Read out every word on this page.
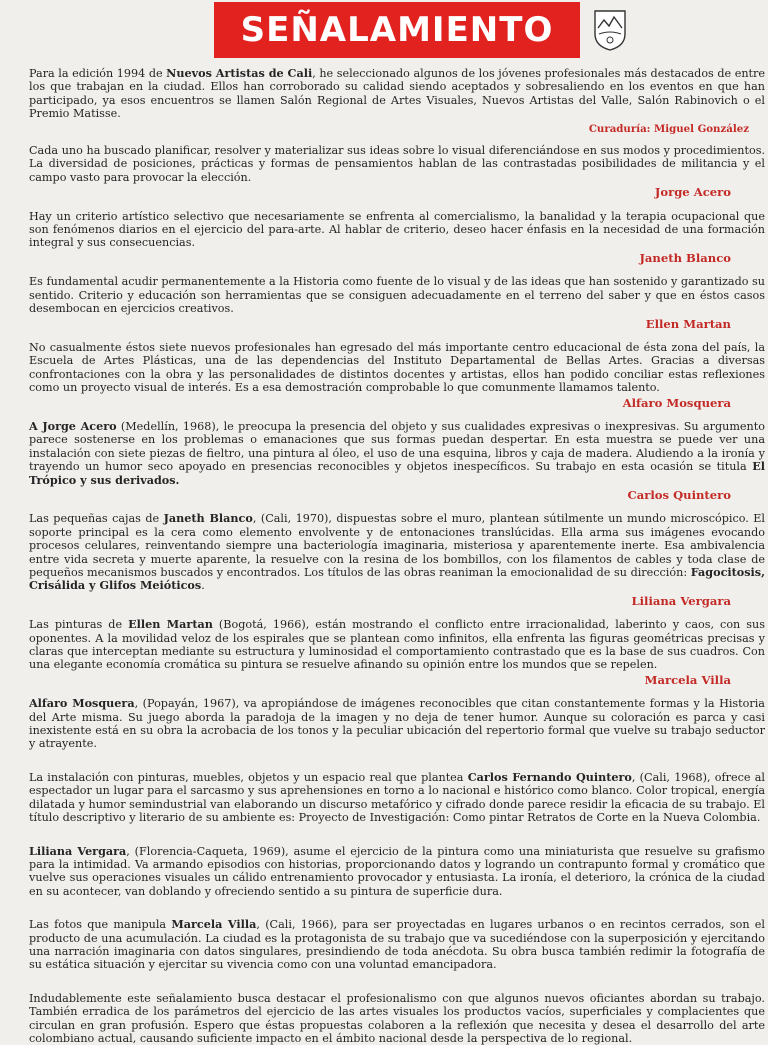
SEÑALAMIENTO

Para la edición 1994 de Nuevos Artistas de Cali, he seleccionado algunos de los jóvenes profesionales más destacados de entre los que trabajan en la ciudad. Ellos han corroborado su calidad siendo aceptados y sobresaliendo en los eventos en que han participado, ya esos encuentros se llamen Salón Regional de Artes Visuales, Nuevos Artistas del Valle, Salón Rabinovich o el Premio Matisse.

Curaduría: Miguel González

Cada uno ha buscado planificar, resolver y materializar sus ideas sobre lo visual diferenciándose en sus modos y procedimientos. La diversidad de posiciones, prácticas y formas de pensamientos hablan de las contrastadas posibilidades de militancia y el campo vasto para provocar la elección.

Jorge Acero

Hay un criterio artístico selectivo que necesariamente se enfrenta al comercialismo, la banalidad y la terapia ocupacional que son fenómenos diarios en el ejercicio del para-arte. Al hablar de criterio, deseo hacer énfasis en la necesidad de una formación integral y sus consecuencias.

Janeth Blanco

Es fundamental acudir permanentemente a la Historia como fuente de lo visual y de las ideas que han sostenido y garantizado su sentido. Criterio y educación son herramientas que se consiguen adecuadamente en el terreno del saber y que en éstos casos desembocan en ejercicios creativos.

Ellen Martan

No casualmente éstos siete nuevos profesionales han egresado del más importante centro educacional de ésta zona del país, la Escuela de Artes Plásticas, una de las dependencias del Instituto Departamental de Bellas Artes. Gracias a diversas confrontaciones con la obra y las personalidades de distintos docentes y artistas, ellos han podido conciliar estas reflexiones como un proyecto visual de interés. Es a esa demostración comprobable lo que comunmente llamamos talento.

Alfaro Mosquera

A Jorge Acero (Medellín, 1968), le preocupa la presencia del objeto y sus cualidades expresivas o inexpresivas. Su argumento parece sostenerse en los problemas o emanaciones que sus formas puedan despertar. En esta muestra se puede ver una instalación con siete piezas de fieltro, una pintura al óleo, el uso de una esquina, libros y caja de madera. Aludiendo a la ironía y trayendo un humor seco apoyado en presencias reconocibles y objetos inespecíficos. Su trabajo en esta ocasión se titula El Trópico y sus derivados.

Carlos Quintero

Las pequeñas cajas de Janeth Blanco, (Cali, 1970), dispuestas sobre el muro, plantean sútilmente un mundo microscópico. El soporte principal es la cera como elemento envolvente y de entonaciones translúcidas. Ella arma sus imágenes evocando procesos celulares, reinventando siempre una bacteriología imaginaria, misteriosa y aparentemente inerte. Esa ambivalencia entre vida secreta y muerte aparente, la resuelve con la resina de los bombillos, con los filamentos de cables y toda clase de pequeños mecanismos buscados y encontrados. Los títulos de las obras reaniman la emocionalidad de su dirección: Fagocitosis, Crisálida y Glifos Meióticos.

Liliana Vergara

Las pinturas de Ellen Martan (Bogotá, 1966), están mostrando el conflicto entre irracionalidad, laberinto y caos, con sus oponentes. A la movilidad veloz de los espirales que se plantean como infinitos, ella enfrenta las figuras geométricas precisas y claras que interceptan mediante su estructura y luminosidad el comportamiento contrastado que es la base de sus cuadros. Con una elegante economía cromática su pintura se resuelve afinando su opinión entre los mundos que se repelen.

Marcela Villa

Alfaro Mosquera, (Popayán, 1967), va apropiándose de imágenes reconocibles que citan constantemente formas y la Historia del Arte misma. Su juego aborda la paradoja de la imagen y no deja de tener humor. Aunque su coloración es parca y casi inexistente está en su obra la acrobacia de los tonos y la peculiar ubicación del repertorio formal que vuelve su trabajo seductor y atrayente.

La instalación con pinturas, muebles, objetos y un espacio real que plantea Carlos Fernando Quintero, (Cali, 1968), ofrece al espectador un lugar para el sarcasmo y sus aprehensiones en torno a lo nacional e histórico como blanco. Color tropical, energía dilatada y humor semindustrial van elaborando un discurso metafórico y cifrado donde parece residir la eficacia de su trabajo. El título descriptivo y literario de su ambiente es: Proyecto de Investigación: Como pintar Retratos de Corte en la Nueva Colombia.

Liliana Vergara, (Florencia-Caqueta, 1969), asume el ejercicio de la pintura como una miniaturista que resuelve su grafismo para la intimidad. Va armando episodios con historias, proporcionando datos y logrando un contrapunto formal y cromático que vuelve sus operaciones visuales un cálido entrenamiento provocador y entusiasta. La ironía, el deterioro, la crónica de la ciudad en su acontecer, van doblando y ofreciendo sentido a su pintura de superficie dura.

Las fotos que manipula Marcela Villa, (Cali, 1966), para ser proyectadas en lugares urbanos o en recintos cerrados, son el producto de una acumulación. La ciudad es la protagonista de su trabajo que va sucediéndose con la superposición y ejercitando una narración imaginaria con datos singulares, presindiendo de toda anécdota. Su obra busca también redimir la fotografía de su estática situación y ejercitar su vivencia como con una voluntad emancipadora.

Indudablemente este señalamiento busca destacar el profesionalismo con que algunos nuevos oficiantes abordan su trabajo. También erradica de los parámetros del ejercicio de las artes visuales los productos vacíos, superficiales y complacientes que circulan en gran profusión. Espero que éstas propuestas colaboren a la reflexión que necesita y desea el desarrollo del arte colombiano actual, causando suficiente impacto en el ámbito nacional desde la perspectiva de lo regional.
